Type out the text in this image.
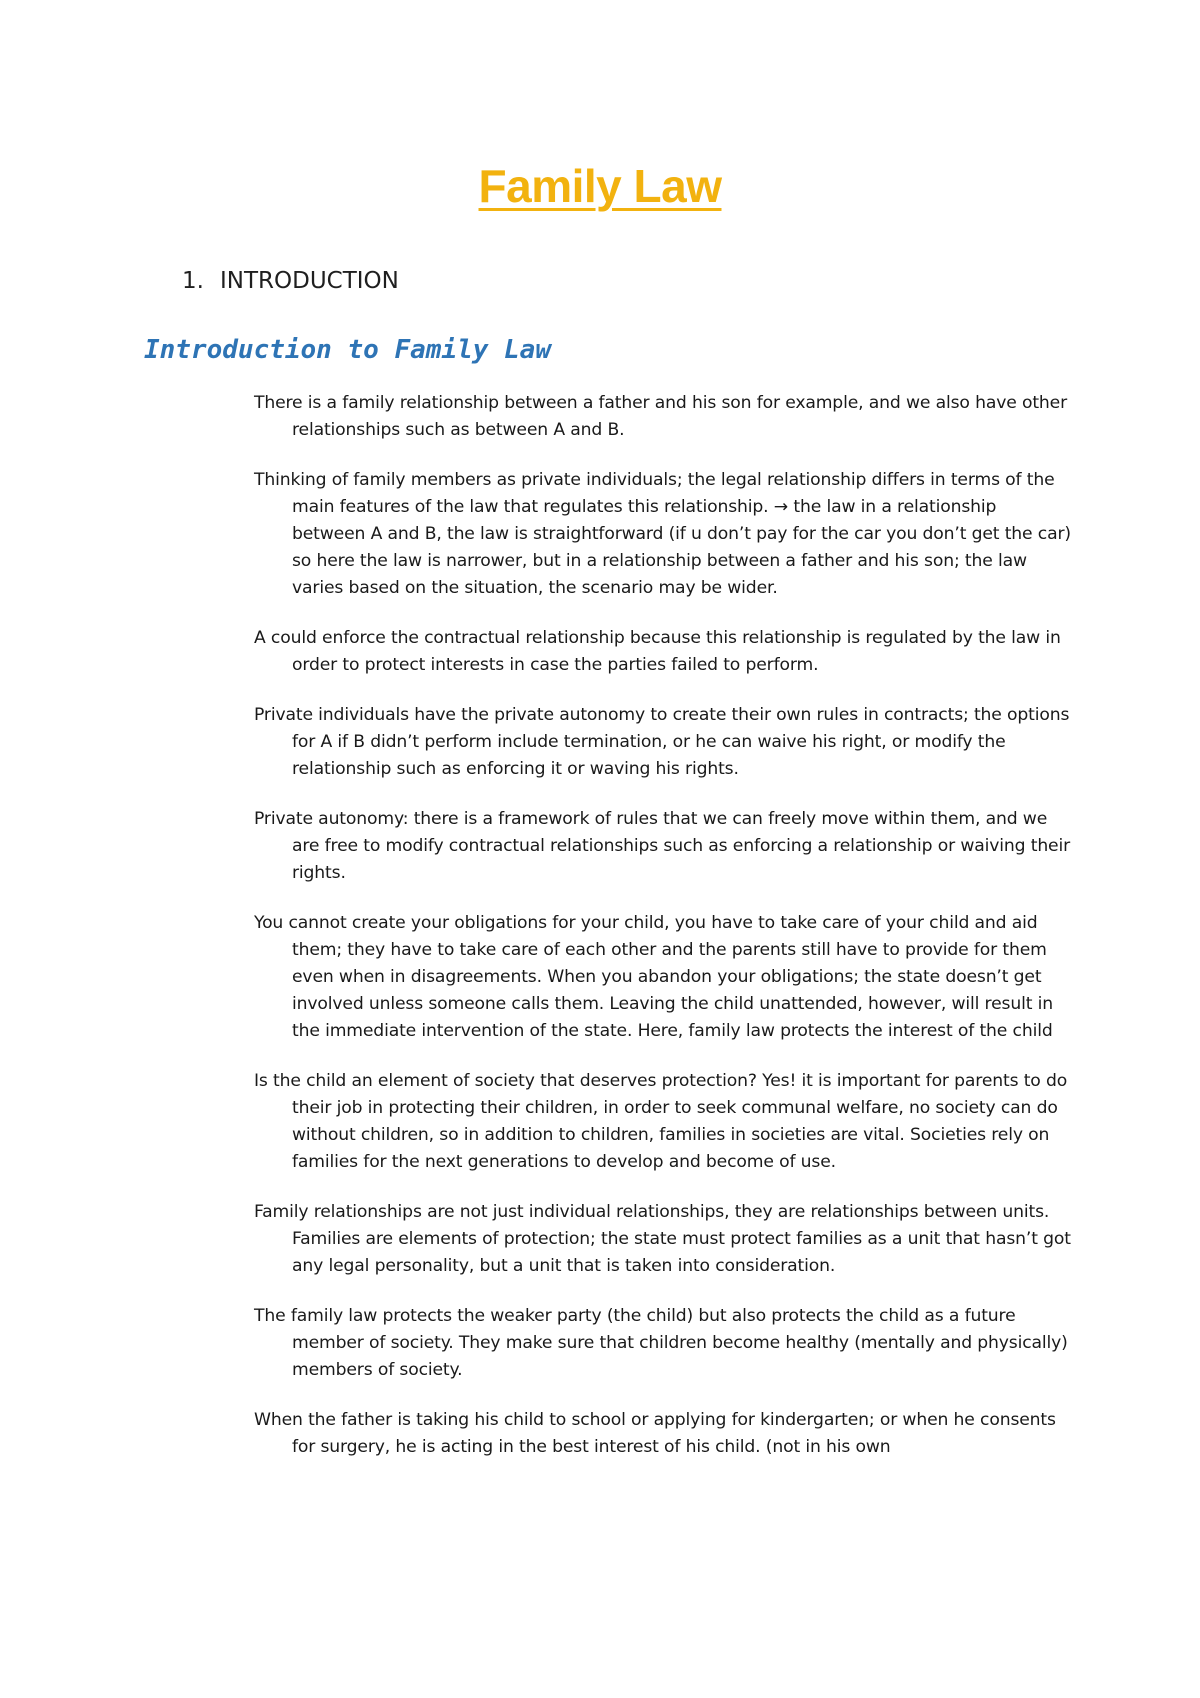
Family Law
1. INTRODUCTION
Introduction to Family Law

There is a family relationship between a father and his son for example, and we also have other relationships such as between A and B.

Thinking of family members as private individuals; the legal relationship differs in terms of the main features of the law that regulates this relationship. → the law in a relationship between A and B, the law is straightforward (if u don’t pay for the car you don’t get the car) so here the law is narrower, but in a relationship between a father and his son; the law varies based on the situation, the scenario may be wider.

A could enforce the contractual relationship because this relationship is regulated by the law in order to protect interests in case the parties failed to perform.

Private individuals have the private autonomy to create their own rules in contracts; the options for A if B didn’t perform include termination, or he can waive his right, or modify the relationship such as enforcing it or waving his rights.

Private autonomy: there is a framework of rules that we can freely move within them, and we are free to modify contractual relationships such as enforcing a relationship or waiving their rights.

You cannot create your obligations for your child, you have to take care of your child and aid them; they have to take care of each other and the parents still have to provide for them even when in disagreements. When you abandon your obligations; the state doesn’t get involved unless someone calls them. Leaving the child unattended, however, will result in the immediate intervention of the state. Here, family law protects the interest of the child

Is the child an element of society that deserves protection? Yes! it is important for parents to do their job in protecting their children, in order to seek communal welfare, no society can do without children, so in addition to children, families in societies are vital. Societies rely on families for the next generations to develop and become of use.

Family relationships are not just individual relationships, they are relationships between units. Families are elements of protection; the state must protect families as a unit that hasn’t got any legal personality, but a unit that is taken into consideration.

The family law protects the weaker party (the child) but also protects the child as a future member of society. They make sure that children become healthy (mentally and physically) members of society.

When the father is taking his child to school or applying for kindergarten; or when he consents for surgery, he is acting in the best interest of his child. (not in his own
